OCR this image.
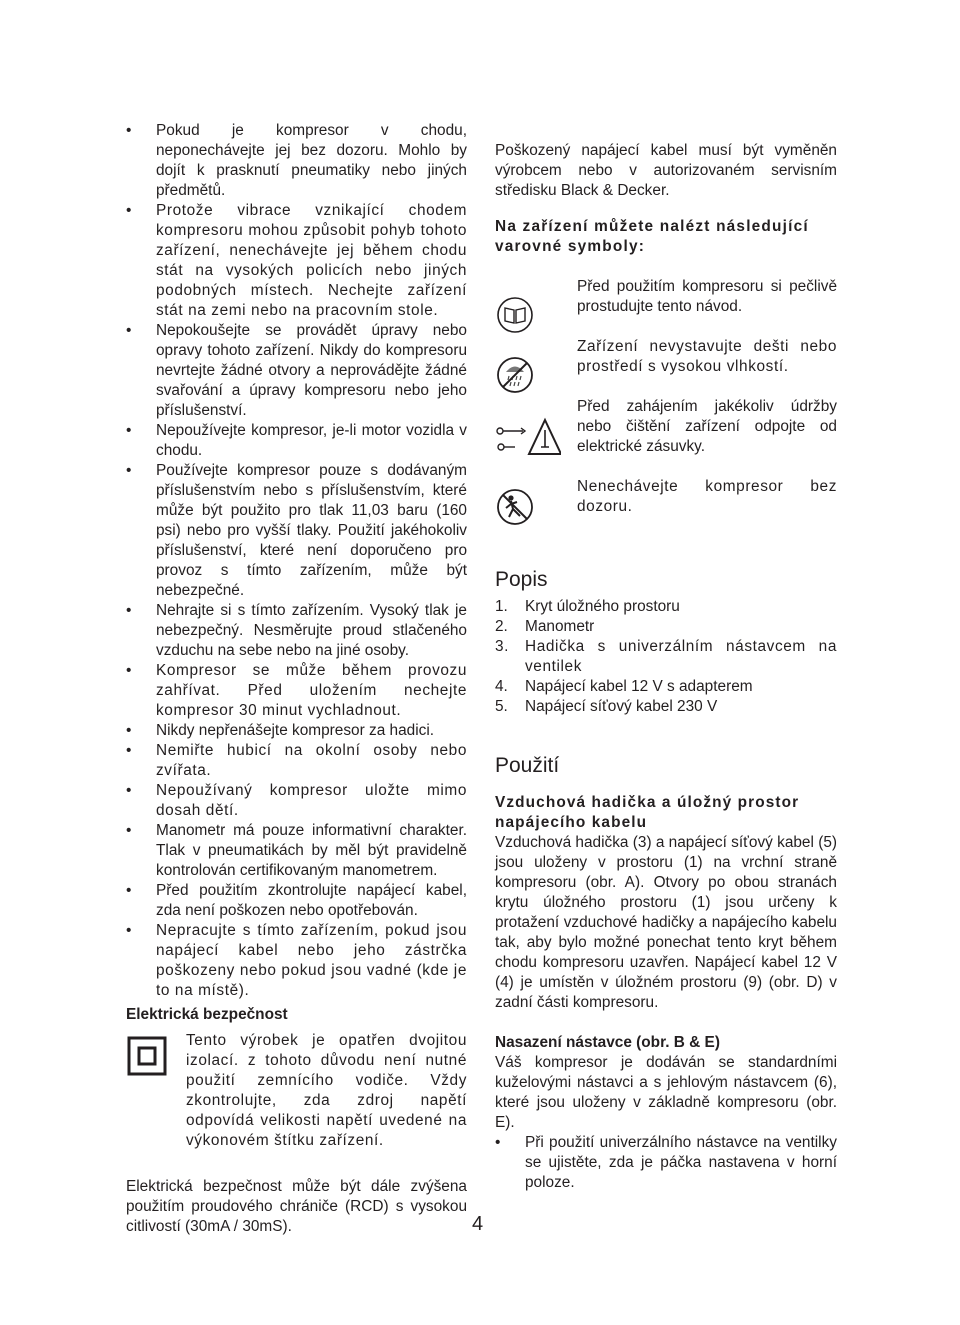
• Pokud je kompresor v chodu, neponechávejte jej bez dozoru. Mohlo by dojít k prasknutí pneumatiky nebo jiných předmětů.
• Protože vibrace vznikající chodem kompresoru mohou způsobit pohyb tohoto zařízení, nenechávejte jej během chodu stát na vysokých policích nebo jiných podobných místech. Nechejte zařízení stát na zemi nebo na pracovním stole.
• Nepokoušejte se provádět úpravy nebo opravy tohoto zařízení. Nikdy do kompresoru nevrtejte žádné otvory a neprovádějte žádné svařování a úpravy kompresoru nebo jeho příslušenství.
• Nepoužívejte kompresor, je-li motor vozidla v chodu.
• Používejte kompresor pouze s dodávaným příslušenstvím nebo s příslušenstvím, které může být použito pro tlak 11,03 baru (160 psi) nebo pro vyšší tlaky. Použití jakéhokoliv příslušenství, které není doporučeno pro provoz s tímto zařízením, může být nebezpečné.
• Nehrajte si s tímto zařízením. Vysoký tlak je nebezpečný. Nesměrujte proud stlačeného vzduchu na sebe nebo na jiné osoby.
• Kompresor se může během provozu zahřívat. Před uložením nechejte kompresor 30 minut vychladnout.
• Nikdy nepřenášejte kompresor za hadici.
• Nemiřte hubicí na okolní osoby nebo zvířata.
• Nepoužívaný kompresor uložte mimo dosah dětí.
• Manometr má pouze informativní charakter. Tlak v pneumatikách by měl být pravidelně kontrolován certifikovaným manometrem.
• Před použitím zkontrolujte napájecí kabel, zda není poškozen nebo opotřebován.
• Nepracujte s tímto zařízením, pokud jsou napájecí kabel nebo jeho zástrčka poškozeny nebo pokud jsou vadné (kde je to na místě).

Elektrická bezpečnost

Tento výrobek je opatřen dvojitou izolací. z tohoto důvodu není nutné použití zemnícího vodiče. Vždy zkontrolujte, zda zdroj napětí odpovídá velikosti napětí uvedené na výkonovém štítku zařízení.

Elektrická bezpečnost může být dále zvýšena použitím proudového chrániče (RCD) s vysokou citlivostí (30mA / 30mS).

Poškozený napájecí kabel musí být vyměněn výrobcem nebo v autorizovaném servisním středisku Black & Decker.

Na zařízení můžete nalézt následující varovné symboly:

Před použitím kompresoru si pečlivě prostudujte tento návod.

Zařízení nevystavujte dešti nebo prostředí s vysokou vlhkostí.

Před zahájením jakékoliv údržby nebo čištění zařízení odpojte od elektrické zásuvky.

Nenechávejte kompresor bez dozoru.

Popis
1. Kryt úložného prostoru
2. Manometr
3. Hadička s univerzálním nástavcem na ventilek
4. Napájecí kabel 12 V s adapterem
5. Napájecí síťový kabel 230 V
Použití

Vzduchová hadička a úložný prostor napájecího kabelu

Vzduchová hadička (3) a napájecí síťový kabel (5) jsou uloženy v prostoru (1) na vrchní straně kompresoru (obr. A). Otvory po obou stranách krytu úložného prostoru (1) jsou určeny k protažení vzduchové hadičky a napájecího kabelu tak, aby bylo možné ponechat tento kryt během chodu kompresoru uzavřen. Napájecí kabel 12 V (4) je umístěn v úložném prostoru (9) (obr. D) v zadní části kompresoru.

Nasazení nástavce (obr. B & E)

Váš kompresor je dodáván se standardními kuželovými nástavci a s jehlovým nástavcem (6), které jsou uloženy v základně kompresoru (obr. E).

• Při použití univerzálního nástavce na ventilky se ujistěte, zda je páčka nastavena v horní poloze.
4
